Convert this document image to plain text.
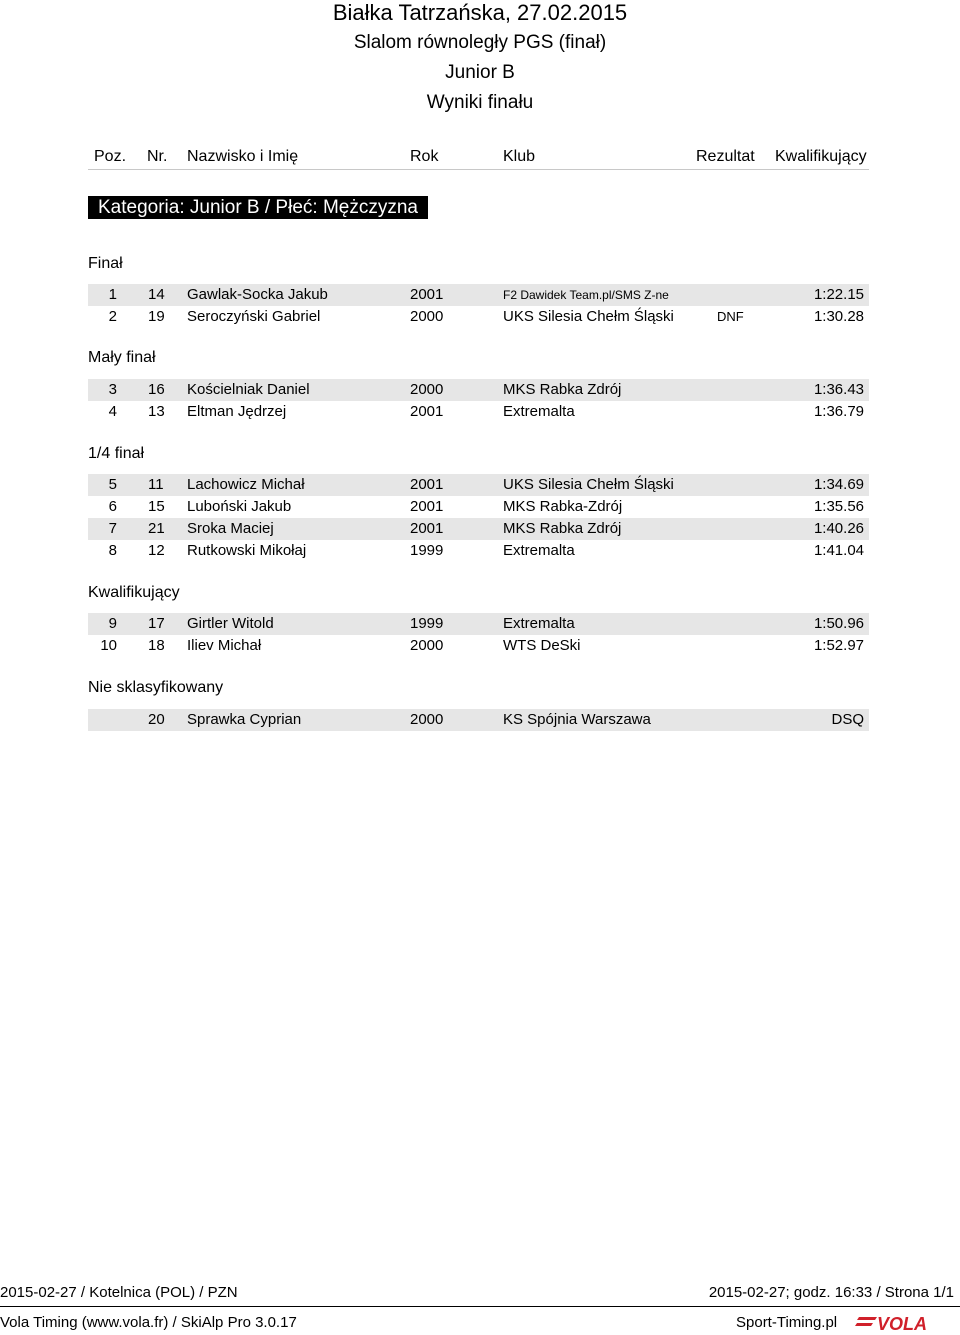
Białka Tatrzańska, 27.02.2015
Slalom równoległy PGS (finał)
Junior B
Wyniki finału
Poz. Nr. Nazwisko i Imię	Rok	Klub	Rezultat Kwalifikujący
Kategoria: Junior B / Płeć: Mężczyzna
Finał
1 14 Gawlak-Socka Jakub	2001	F2 Dawidek Team.pl/SMS Z-ne	1:22.15
2 19 Seroczyński Gabriel	2000	UKS Silesia Chełm Śląski	DNF	1:30.28
Mały finał
3 16 Kościelniak Daniel	2000	MKS Rabka Zdrój	1:36.43
4 13 Eltman Jędrzej	2001	Extremalta	1:36.79
1/4 finał
5 11 Lachowicz Michał	2001	UKS Silesia Chełm Śląski	1:34.69
6 15 Luboński Jakub	2001	MKS Rabka-Zdrój	1:35.56
7 21 Sroka Maciej	2001	MKS Rabka Zdrój	1:40.26
8 12 Rutkowski Mikołaj	1999	Extremalta	1:41.04
Kwalifikujący
9 17 Girtler Witold	1999	Extremalta	1:50.96
10 18 Iliev Michał	2000	WTS DeSki	1:52.97
Nie sklasyfikowany
20 Sprawka Cyprian	2000	KS Spójnia Warszawa	DSQ
2015-02-27 / Kotelnica (POL) / PZN	2015-02-27; godz. 16:33 / Strona 1/1
Vola Timing (www.vola.fr) / SkiAlp Pro 3.0.17	Sport-Timing.pl VOLA
